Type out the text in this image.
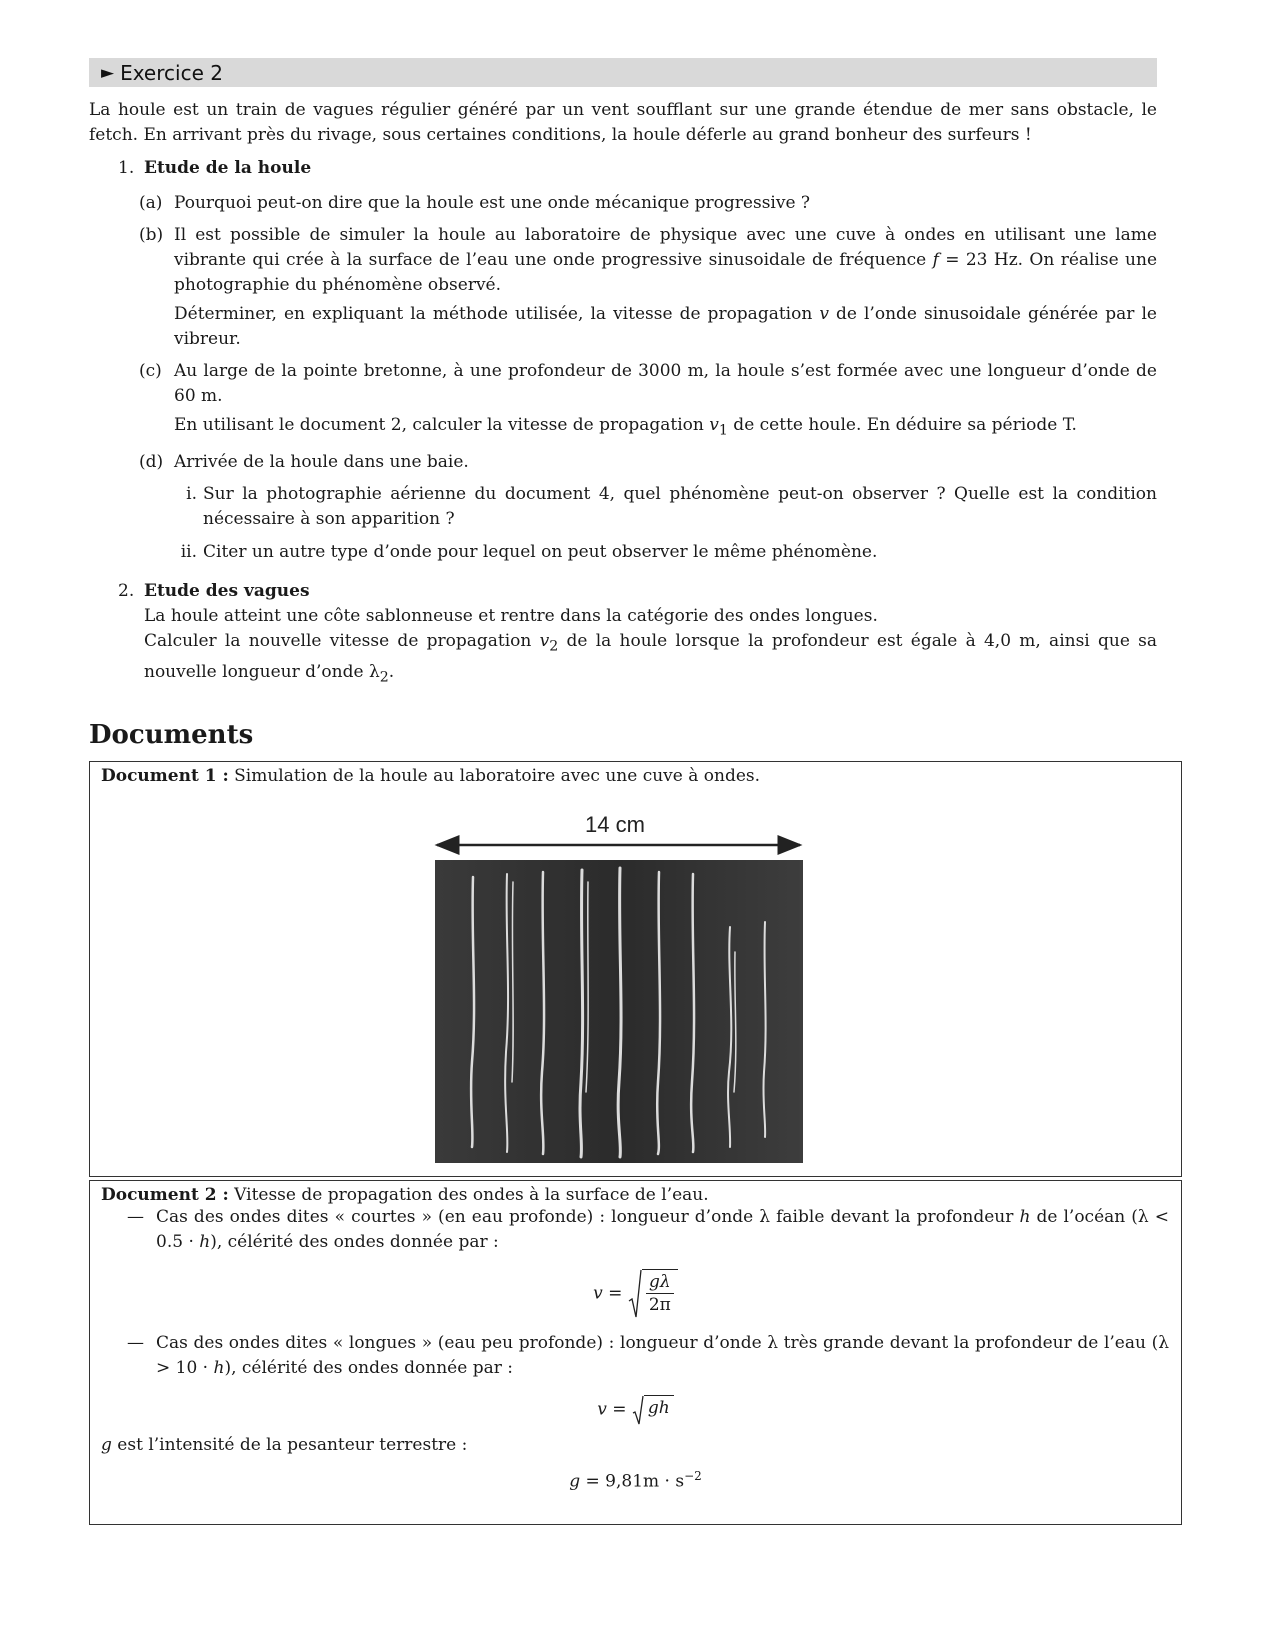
► Exercice 2

La houle est un train de vagues régulier généré par un vent soufflant sur une grande étendue de mer sans obstacle, le fetch. En arrivant près du rivage, sous certaines conditions, la houle déferle au grand bonheur des surfeurs !

1. Etude de la houle
(a) Pourquoi peut-on dire que la houle est une onde mécanique progressive ?
(b) Il est possible de simuler la houle au laboratoire de physique avec une cuve à ondes en utilisant une lame vibrante qui crée à la surface de l’eau une onde progressive sinusoidale de fréquence f = 23 Hz. On réalise une photographie du phénomène observé.

Déterminer, en expliquant la méthode utilisée, la vitesse de propagation v de l’onde sinusoidale générée par le vibreur.

(c) Au large de la pointe bretonne, à une profondeur de 3000 m, la houle s’est formée avec une longueur d’onde de 60 m.

En utilisant le document 2, calculer la vitesse de propagation $v_1$ de cette houle. En déduire sa période T.

(d) Arrivée de la houle dans une baie.
i. Sur la photographie aérienne du document 4, quel phénomène peut-on observer ? Quelle est la condition nécessaire à son apparition ?
ii. Citer un autre type d’onde pour lequel on peut observer le même phénomène.
2. Etude des vagues

La houle atteint une côte sablonneuse et rentre dans la catégorie des ondes longues.

Calculer la nouvelle vitesse de propagation $v_2$ de la houle lorsque la profondeur est égale à 4,0 m, ainsi que sa nouvelle longueur d’onde $\lambda_2$.

Documents

Document 1 : Simulation de la houle au laboratoire avec une cuve à ondes.

14 cm

Document 2 : Vitesse de propagation des ondes à la surface de l’eau.

— Cas des ondes dites « courtes » (en eau profonde) : longueur d’onde λ faible devant la profondeur h de l’océan (λ < 0.5 · h), célérité des ondes donnée par :
$v = \frac{g\lambda}{2\pi}$
— Cas des ondes dites « longues » (eau peu profonde) : longueur d’onde λ très grande devant la profondeur de l’eau (λ > 10 · h), célérité des ondes donnée par :
v = gh

g est l’intensité de la pesanteur terrestre :

$g = 9,81m \cdot s^{-2}$
